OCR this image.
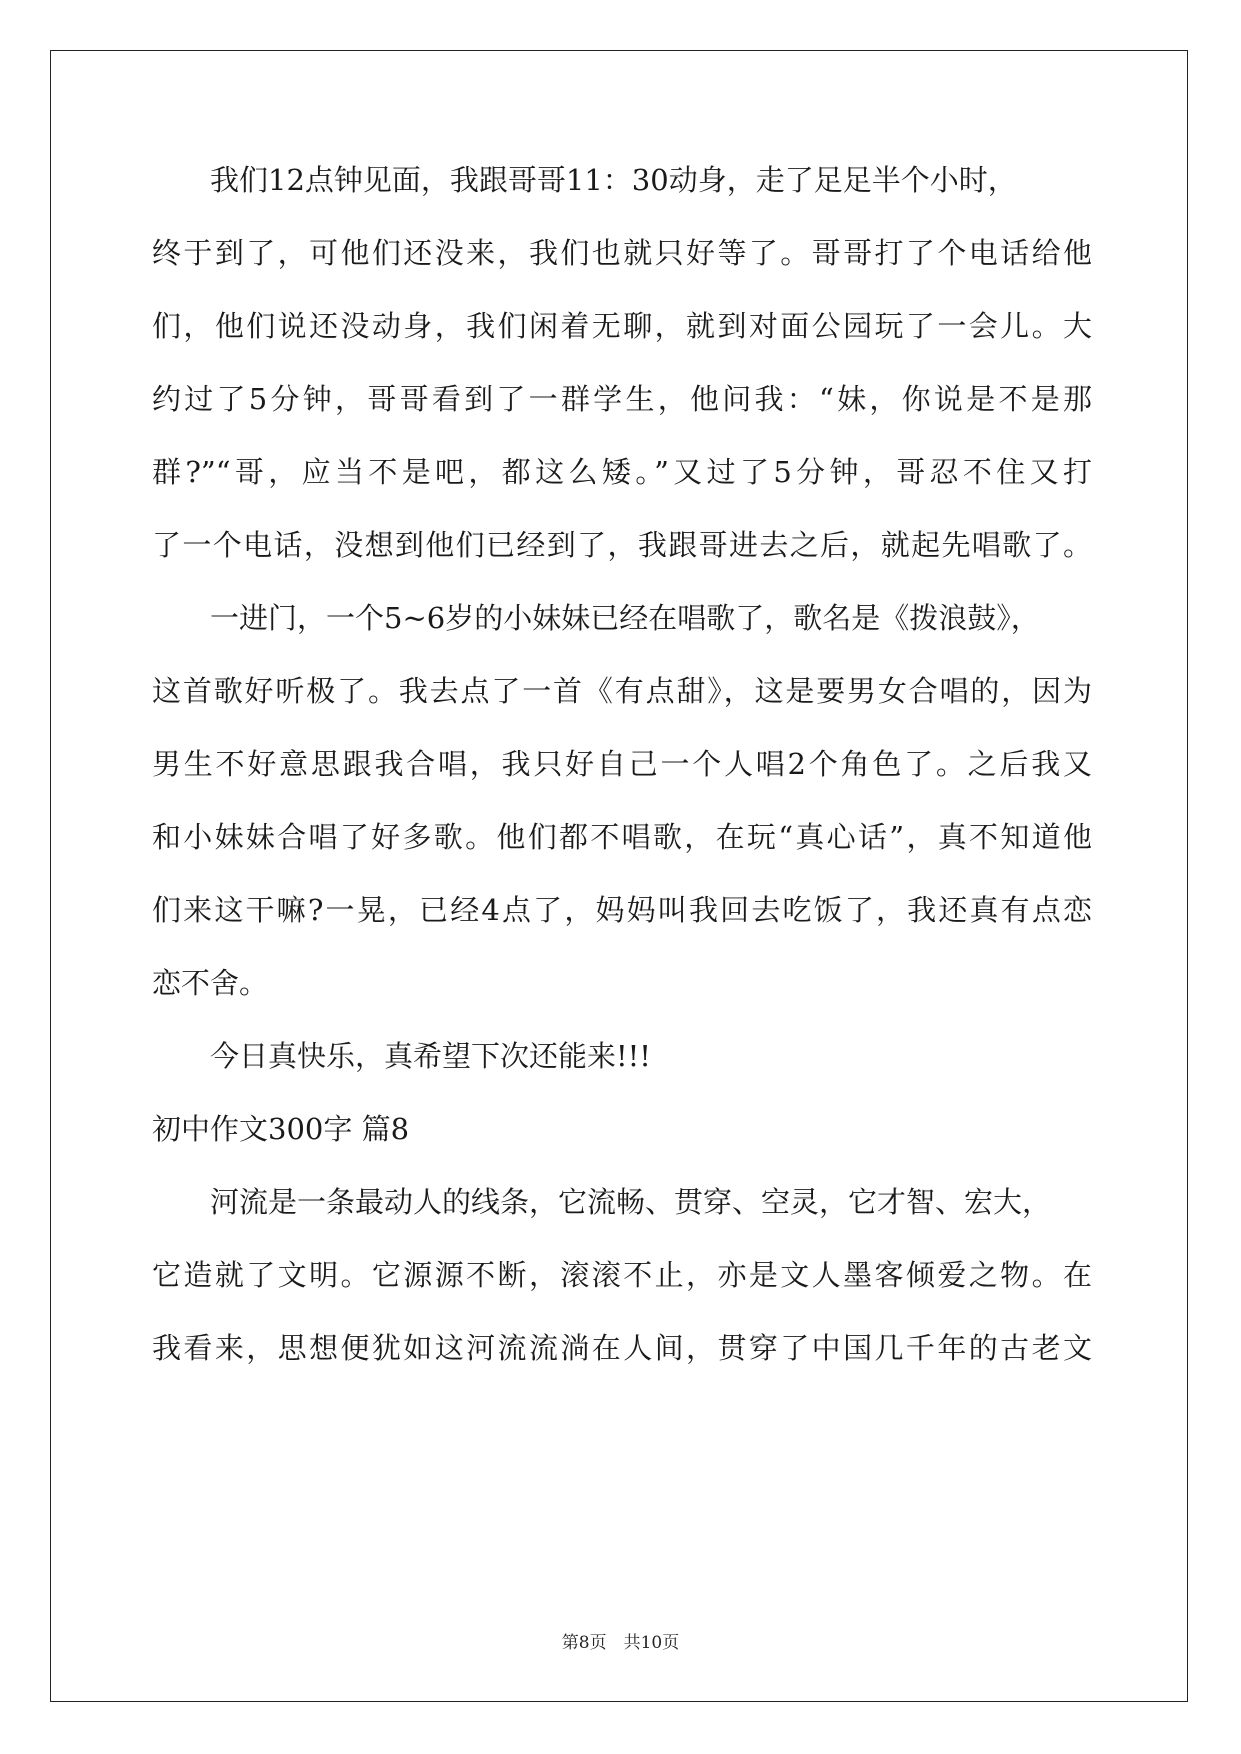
我们12点钟见面，我跟哥哥11：30动身，走了足足半个小时，
终于到了，可他们还没来，我们也就只好等了。哥哥打了个电话给他
们，他们说还没动身，我们闲着无聊，就到对面公园玩了一会儿。大
约过了5分钟，哥哥看到了一群学生，他问我：“妹，你说是不是那
群?”“哥，应当不是吧，都这么矮。”又过了5分钟，哥忍不住又打
了一个电话，没想到他们已经到了，我跟哥进去之后，就起先唱歌了。
一进门，一个5~6岁的小妹妹已经在唱歌了，歌名是《拨浪鼓》，
这首歌好听极了。我去点了一首《有点甜》，这是要男女合唱的，因为
男生不好意思跟我合唱，我只好自己一个人唱2个角色了。之后我又
和小妹妹合唱了好多歌。他们都不唱歌，在玩“真心话”，真不知道他
们来这干嘛?一晃，已经4点了，妈妈叫我回去吃饭了，我还真有点恋
恋不舍。
今日真快乐，真希望下次还能来!!!
初中作文300字 篇8
河流是一条最动人的线条，它流畅、贯穿、空灵，它才智、宏大，
它造就了文明。它源源不断，滚滚不止，亦是文人墨客倾爱之物。在
我看来，思想便犹如这河流流淌在人间，贯穿了中国几千年的古老文
第8页　共10页
